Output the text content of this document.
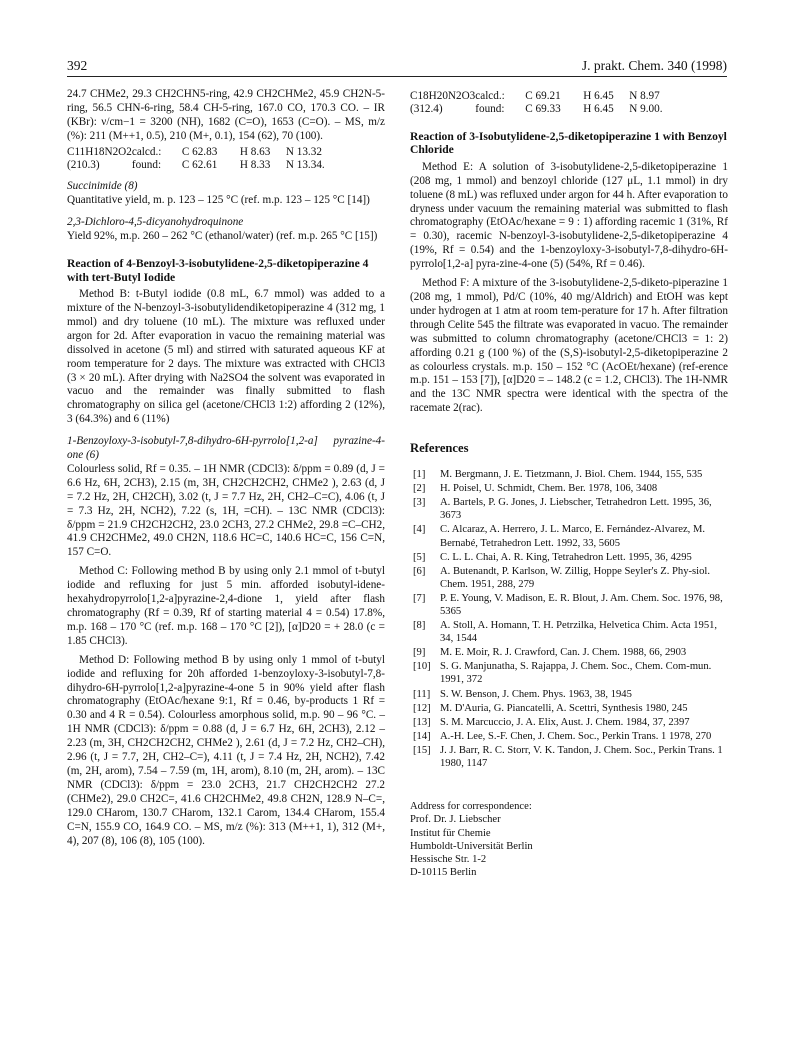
392	J. prakt. Chem. 340 (1998)

24.7 CHMe2, 29.3 CH2CHN5-ring, 42.9 CH2CHMe2, 45.9 CH2N-5-ring, 56.5 CHN-6-ring, 58.4 CH-5-ring, 167.0 CO, 170.3 CO. – IR (KBr): ν/cm−1 = 3200 (NH), 1682 (C=O), 1653 (C=O). – MS, m/z (%): 211 (M++1, 0.5), 210 (M+, 0.1), 154 (62), 70 (100).

C11H18N2O2	calcd.:	C 62.83	H 8.63	N 13.32
(210.3)	found:	C 62.61	H 8.33	N 13.34.

Succinimide (8)

Quantitative yield, m. p. 123 – 125 °C (ref. m.p. 123 – 125 °C [14])

2,3-Dichloro-4,5-dicyanohydroquinone

Yield 92%, m.p. 260 – 262 °C (ethanol/water) (ref. m.p. 265 °C [15])

Reaction of 4-Benzoyl-3-isobutylidene-2,5-diketopiperazine 4 with tert-Butyl Iodide

Method B: t-Butyl iodide (0.8 mL, 6.7 mmol) was added to a mixture of the N-benzoyl-3-isobutylidendiketopiperazine 4 (312 mg, 1 mmol) and dry toluene (10 mL). The mixture was refluxed under argon for 2d. After evaporation in vacuo the remaining material was dissolved in acetone (5 ml) and stirred with saturated aqueous KF at room temperature for 2 days. The mixture was extracted with CHCl3 (3 × 20 mL). After drying with Na2SO4 the solvent was evaporated in vacuo and the remainder was finally submitted to flash chromatography on silica gel (acetone/CHCl3 1:2) affording 2 (12%), 3 (64.3%) and 6 (11%)

1-Benzoyloxy-3-isobutyl-7,8-dihydro-6H-pyrrolo[1,2-a] pyrazine-4-one (6)

Colourless solid, Rf = 0.35. – 1H NMR (CDCl3): δ/ppm = 0.89 (d, J = 6.6 Hz, 6H, 2CH3), 2.15 (m, 3H, CH2CH2CH2, CHMe2 ), 2.63 (d, J = 7.2 Hz, 2H, CH2CH), 3.02 (t, J = 7.7 Hz, 2H, CH2–C=C), 4.06 (t, J = 7.3 Hz, 2H, NCH2), 7.22 (s, 1H, =CH). – 13C NMR (CDCl3): δ/ppm = 21.9 CH2CH2CH2, 23.0 2CH3, 27.2 CHMe2, 29.8 =C–CH2, 41.9 CH2CHMe2, 49.0 CH2N, 118.6 HC=C, 140.6 HC=C, 156 C=N, 157 C=O.

Method C: Following method B by using only 2.1 mmol of t-butyl iodide and refluxing for just 5 min. afforded isobutyl-idene-hexahydropyrrolo[1,2-a]pyrazine-2,4-dione 1, yield after flash chromatography (Rf = 0.39, Rf of starting material 4 = 0.54) 17.8%, m.p. 168 – 170 °C (ref. m.p. 168 – 170 °C [2]), [α]D20 = + 28.0 (c = 1.85 CHCl3).

Method D: Following method B by using only 1 mmol of t-butyl iodide and refluxing for 20h afforded 1-benzoyloxy-3-isobutyl-7,8-dihydro-6H-pyrrolo[1,2-a]pyrazine-4-one 5 in 90% yield after flash chromatography (EtOAc/hexane 9:1, Rf = 0.46, by-products 1 Rf = 0.30 and 4 R = 0.54). Colourless amorphous solid, m.p. 90 – 96 °C. – 1H NMR (CDCl3): δ/ppm = 0.88 (d, J = 6.7 Hz, 6H, 2CH3), 2.12 – 2.23 (m, 3H, CH2CH2CH2, CHMe2 ), 2.61 (d, J = 7.2 Hz, CH2–CH), 2.96 (t, J = 7.7, 2H, CH2–C=), 4.11 (t, J = 7.4 Hz, 2H, NCH2), 7.42 (m, 2H, arom), 7.54 – 7.59 (m, 1H, arom), 8.10 (m, 2H, arom). – 13C NMR (CDCl3): δ/ppm = 23.0 2CH3, 21.7 CH2CH2CH2 27.2 (CHMe2), 29.0 CH2C=, 41.6 CH2CHMe2, 49.8 CH2N, 128.9 N–C=, 129.0 CHarom, 130.7 CHarom, 132.1 Carom, 134.4 CHarom, 155.4 C=N, 155.9 CO, 164.9 CO. – MS, m/z (%): 313 (M++1, 1), 312 (M+, 4), 207 (8), 106 (8), 105 (100).

C18H20N2O3	calcd.:	C 69.21	H 6.45	N 8.97
(312.4)	found:	C 69.33	H 6.45	N 9.00.
Reaction of 3-Isobutylidene-2,5-diketopiperazine 1 with Benzoyl Chloride

Method E: A solution of 3-isobutylidene-2,5-diketopiperazine 1 (208 mg, 1 mmol) and benzoyl chloride (127 μL, 1.1 mmol) in dry toluene (8 mL) was refluxed under argon for 44 h. After evaporation to dryness under vacuum the remaining material was submitted to flash chromatography (EtOAc/hexane = 9 : 1) affording racemic 1 (31%, Rf = 0.30), racemic N-benzoyl-3-isobutylidene-2,5-diketopiperazine 4 (19%, Rf = 0.54) and the 1-benzoyloxy-3-isobutyl-7,8-dihydro-6H-pyrrolo[1,2-a] pyra-zine-4-one (5) (54%, Rf = 0.46).

Method F: A mixture of the 3-isobutylidene-2,5-diketo-piperazine 1 (208 mg, 1 mmol), Pd/C (10%, 40 mg/Aldrich) and EtOH was kept under hydrogen at 1 atm at room tem-perature for 17 h. After filtration through Celite 545 the filtrate was evaporated in vacuo. The remainder was submitted to column chromatography (acetone/CHCl3 = 1: 2) affording 0.21 g (100 %) of the (S,S)-isobutyl-2,5-diketopiperazine 2 as colourless crystals. m.p. 150 – 152 °C (AcOEt/hexane) (ref-erence m.p. 151 – 153 [7]), [α]D20 = – 148.2 (c = 1.2, CHCl3). The 1H-NMR and the 13C NMR spectra were identical with the spectra of the racemate 2(rac).

References
[1] M. Bergmann, J. E. Tietzmann, J. Biol. Chem. 1944, 155, 535
[2] H. Poisel, U. Schmidt, Chem. Ber. 1978, 106, 3408
[3] A. Bartels, P. G. Jones, J. Liebscher, Tetrahedron Lett. 1995, 36, 3673
[4] C. Alcaraz, A. Herrero, J. L. Marco, E. Fernández-Alvarez, M. Bernabé, Tetrahedron Lett. 1992, 33, 5605
[5] C. L. L. Chai, A. R. King, Tetrahedron Lett. 1995, 36, 4295
[6] A. Butenandt, P. Karlson, W. Zillig, Hoppe Seyler's Z. Phy-siol. Chem. 1951, 288, 279
[7] P. E. Young, V. Madison, E. R. Blout, J. Am. Chem. Soc. 1976, 98, 5365
[8] A. Stoll, A. Homann, T. H. Petrzilka, Helvetica Chim. Acta 1951, 34, 1544
[9] M. E. Moir, R. J. Crawford, Can. J. Chem. 1988, 66, 2903
[10] S. G. Manjunatha, S. Rajappa, J. Chem. Soc., Chem. Com-mun. 1991, 372
[11] S. W. Benson, J. Chem. Phys. 1963, 38, 1945
[12] M. D'Auria, G. Piancatelli, A. Scettri, Synthesis 1980, 245
[13] S. M. Marcuccio, J. A. Elix, Aust. J. Chem. 1984, 37, 2397
[14] A.-H. Lee, S.-F. Chen, J. Chem. Soc., Perkin Trans. 1 1978, 270
[15] J. J. Barr, R. C. Storr, V. K. Tandon, J. Chem. Soc., Perkin Trans. 1 1980, 1147
Address for correspondence:
Prof. Dr. J. Liebscher
Institut für Chemie
Humboldt-Universität Berlin
Hessische Str. 1-2
D-10115 Berlin
